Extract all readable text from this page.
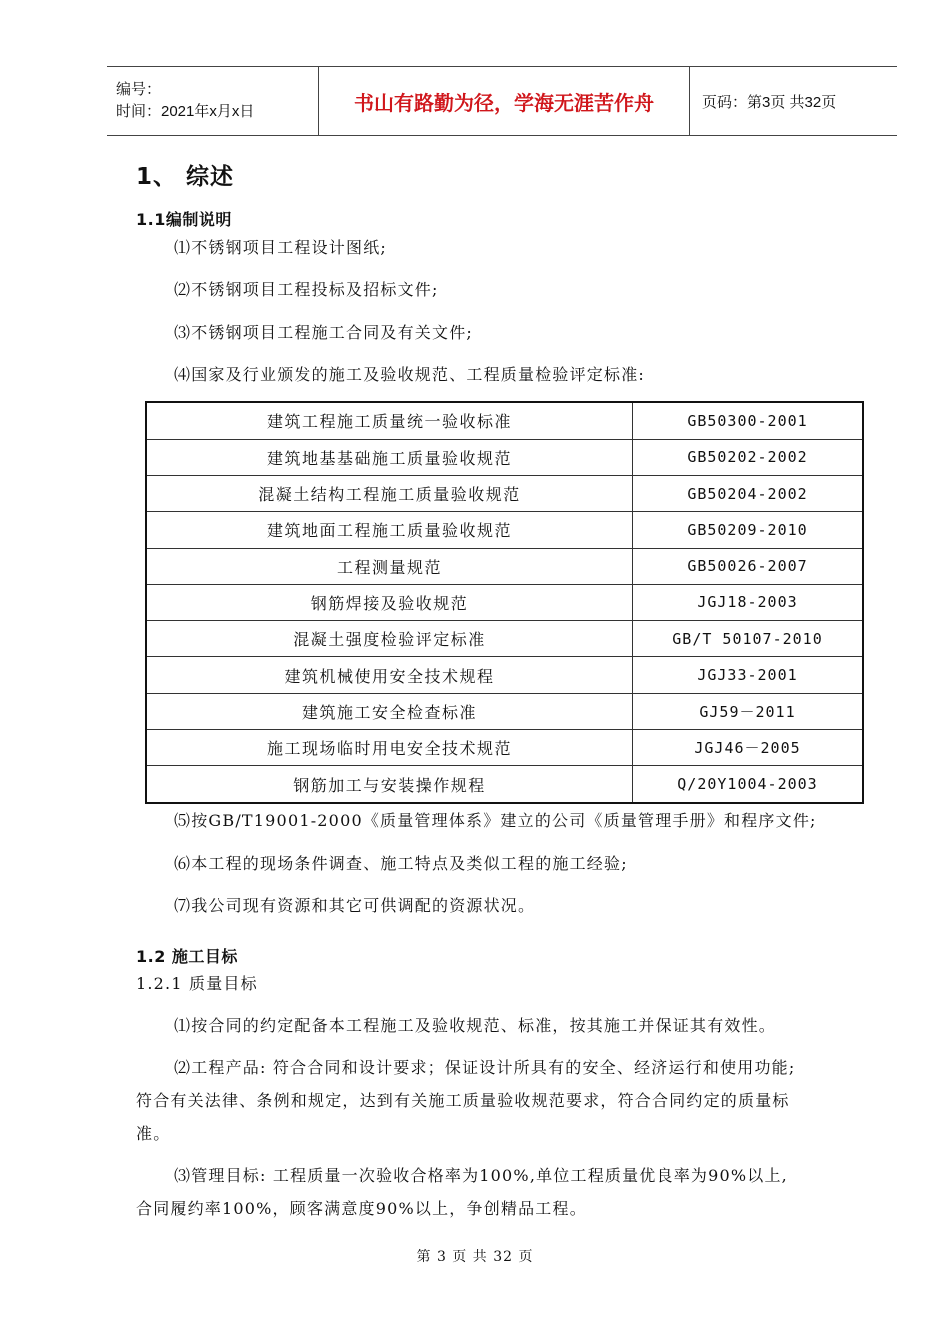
编号：
时间：2021年x月x日	书山有路勤为径，学海无涯苦作舟	页码：第3页 共32页
1、 综述
1.1编制说明
⑴不锈钢项目工程设计图纸;
⑵不锈钢项目工程投标及招标文件;
⑶不锈钢项目工程施工合同及有关文件;
⑷国家及行业颁发的施工及验收规范、工程质量检验评定标准:
建筑工程施工质量统一验收标准	GB50300-2001
建筑地基基础施工质量验收规范	GB50202-2002
混凝土结构工程施工质量验收规范	GB50204-2002
建筑地面工程施工质量验收规范	GB50209-2010
工程测量规范	GB50026-2007
钢筋焊接及验收规范	JGJ18-2003
混凝土强度检验评定标准	GB/T 50107-2010
建筑机械使用安全技术规程	JGJ33-2001
建筑施工安全检查标准	GJ59－2011
施工现场临时用电安全技术规范	JGJ46－2005
钢筋加工与安装操作规程	Q/20Y1004-2003
⑸按GB/T19001-2000《质量管理体系》建立的公司《质量管理手册》和程序文件;
⑹本工程的现场条件调查、施工特点及类似工程的施工经验;
⑺我公司现有资源和其它可供调配的资源状况。
1.2 施工目标
1.2.1 质量目标
⑴按合同的约定配备本工程施工及验收规范、标准，按其施工并保证其有效性。
⑵工程产品: 符合合同和设计要求；保证设计所具有的安全、经济运行和使用功能;
符合有关法律、条例和规定，达到有关施工质量验收规范要求，符合合同约定的质量标
准。
⑶管理目标: 工程质量一次验收合格率为100%,单位工程质量优良率为90%以上,
合同履约率100%，顾客满意度90%以上，争创精品工程。
第 3 页 共 32 页
